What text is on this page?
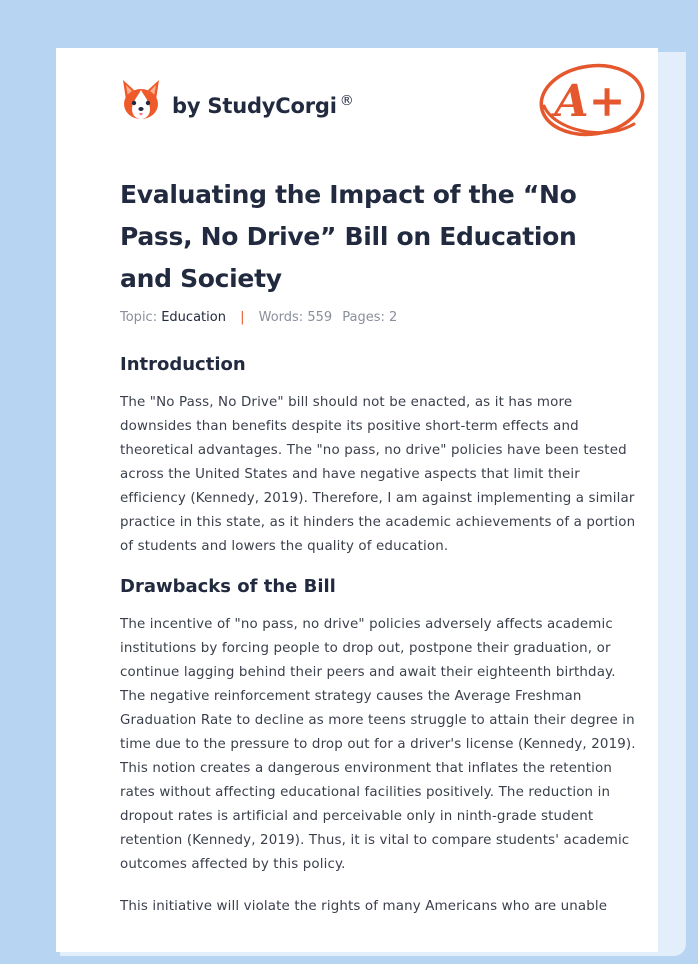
by StudyCorgi ®	A+
Evaluating the Impact of the “No Pass, No Drive” Bill on Education and Society
Topic: Education | Words: 559 Pages: 2
Introduction

The "No Pass, No Drive" bill should not be enacted, as it has more downsides than benefits despite its positive short-term effects and theoretical advantages. The "no pass, no drive" policies have been tested across the United States and have negative aspects that limit their efficiency (Kennedy, 2019). Therefore, I am against implementing a similar practice in this state, as it hinders the academic achievements of a portion of students and lowers the quality of education.

Drawbacks of the Bill

The incentive of "no pass, no drive" policies adversely affects academic institutions by forcing people to drop out, postpone their graduation, or continue lagging behind their peers and await their eighteenth birthday. The negative reinforcement strategy causes the Average Freshman Graduation Rate to decline as more teens struggle to attain their degree in time due to the pressure to drop out for a driver's license (Kennedy, 2019). This notion creates a dangerous environment that inflates the retention rates without affecting educational facilities positively. The reduction in dropout rates is artificial and perceivable only in ninth-grade student retention (Kennedy, 2019). Thus, it is vital to compare students' academic outcomes affected by this policy.

This initiative will violate the rights of many Americans who are unable
